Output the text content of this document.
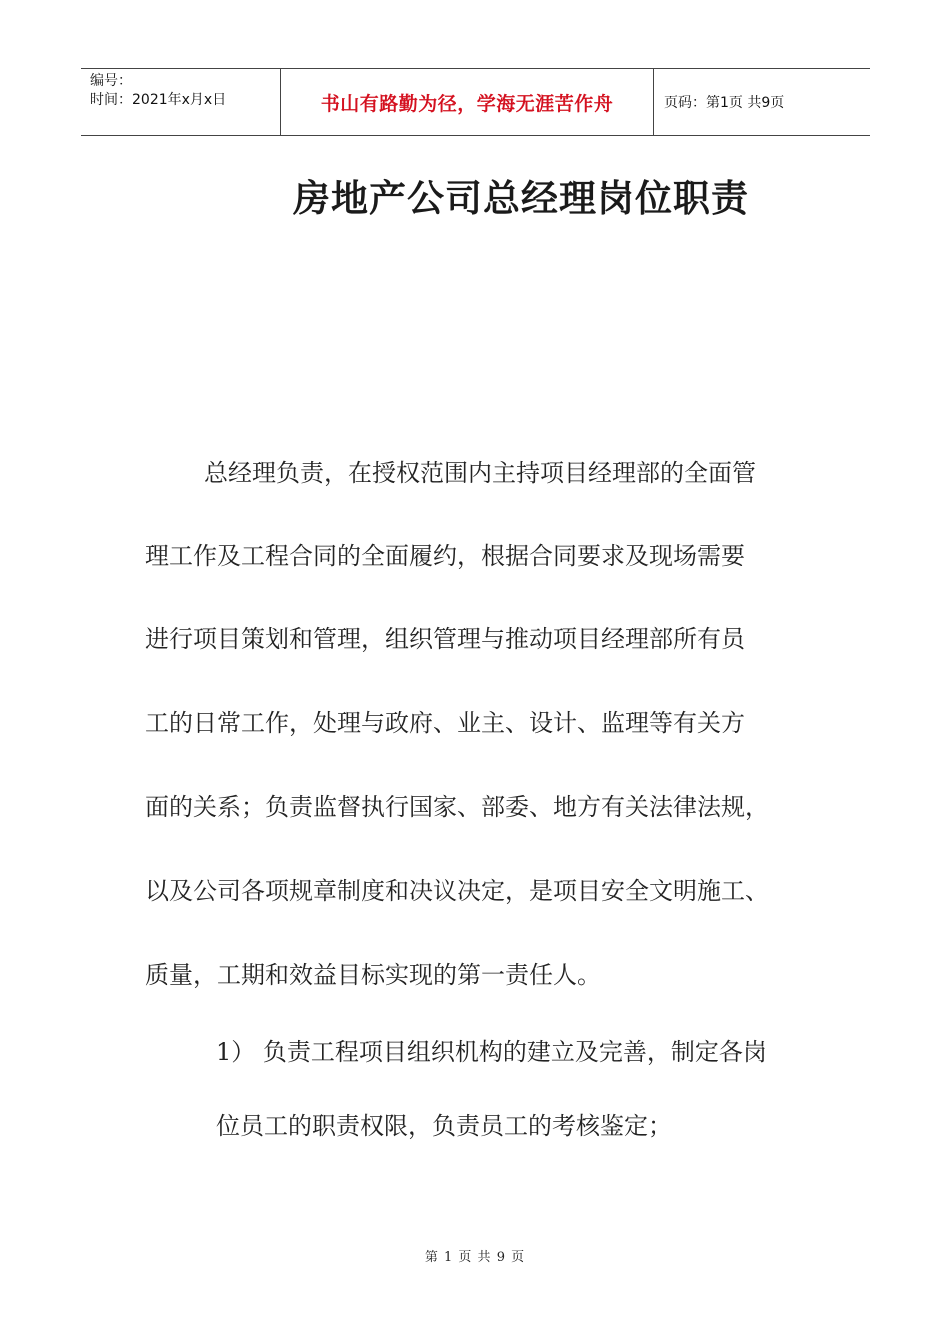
编号：
时间：2021年x月x日	书山有路勤为径，学海无涯苦作舟	页码：第1页 共9页
房地产公司总经理岗位职责
总经理负责，在授权范围内主持项目经理部的全面管
理工作及工程合同的全面履约，根据合同要求及现场需要
进行项目策划和管理，组织管理与推动项目经理部所有员
工的日常工作，处理与政府、业主、设计、监理等有关方
面的关系；负责监督执行国家、部委、地方有关法律法规，
以及公司各项规章制度和决议决定，是项目安全文明施工、
质量，工期和效益目标实现的第一责任人。
1） 负责工程项目组织机构的建立及完善，制定各岗
位员工的职责权限，负责员工的考核鉴定；
第 1 页 共 9 页
